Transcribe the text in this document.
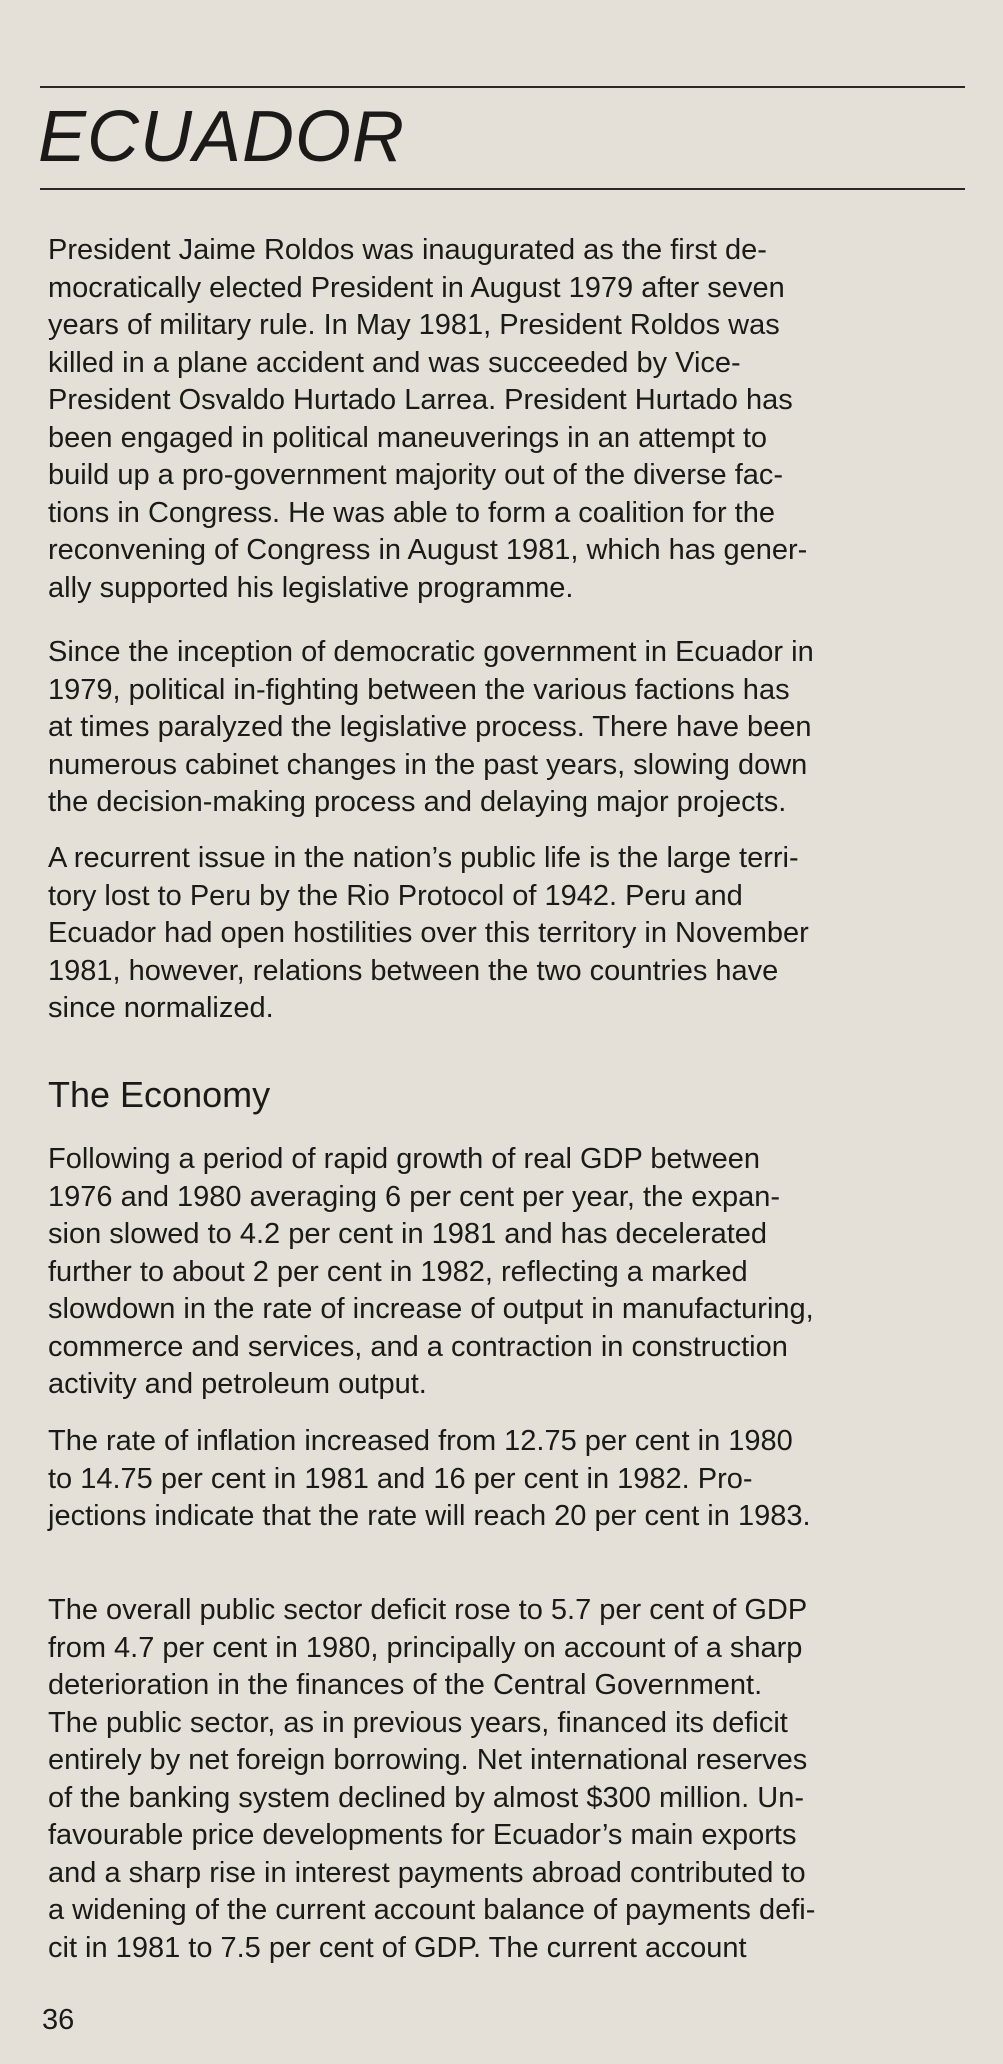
ECUADOR

President Jaime Roldos was inaugurated as the first de-
mocratically elected President in August 1979 after seven
years of military rule. In May 1981, President Roldos was
killed in a plane accident and was succeeded by Vice-
President Osvaldo Hurtado Larrea. President Hurtado has
been engaged in political maneuverings in an attempt to
build up a pro-government majority out of the diverse fac-
tions in Congress. He was able to form a coalition for the
reconvening of Congress in August 1981, which has gener-
ally supported his legislative programme.

Since the inception of democratic government in Ecuador in
1979, political in-fighting between the various factions has
at times paralyzed the legislative process. There have been
numerous cabinet changes in the past years, slowing down
the decision-making process and delaying major projects.

A recurrent issue in the nation’s public life is the large terri-
tory lost to Peru by the Rio Protocol of 1942. Peru and
Ecuador had open hostilities over this territory in November
1981, however, relations between the two countries have
since normalized.

The Economy

Following a period of rapid growth of real GDP between
1976 and 1980 averaging 6 per cent per year, the expan-
sion slowed to 4.2 per cent in 1981 and has decelerated
further to about 2 per cent in 1982, reflecting a marked
slowdown in the rate of increase of output in manufacturing,
commerce and services, and a contraction in construction
activity and petroleum output.

The rate of inflation increased from 12.75 per cent in 1980
to 14.75 per cent in 1981 and 16 per cent in 1982. Pro-
jections indicate that the rate will reach 20 per cent in 1983.

The overall public sector deficit rose to 5.7 per cent of GDP
from 4.7 per cent in 1980, principally on account of a sharp
deterioration in the finances of the Central Government.
The public sector, as in previous years, financed its deficit
entirely by net foreign borrowing. Net international reserves
of the banking system declined by almost $300 million. Un-
favourable price developments for Ecuador’s main exports
and a sharp rise in interest payments abroad contributed to
a widening of the current account balance of payments defi-
cit in 1981 to 7.5 per cent of GDP. The current account

36
